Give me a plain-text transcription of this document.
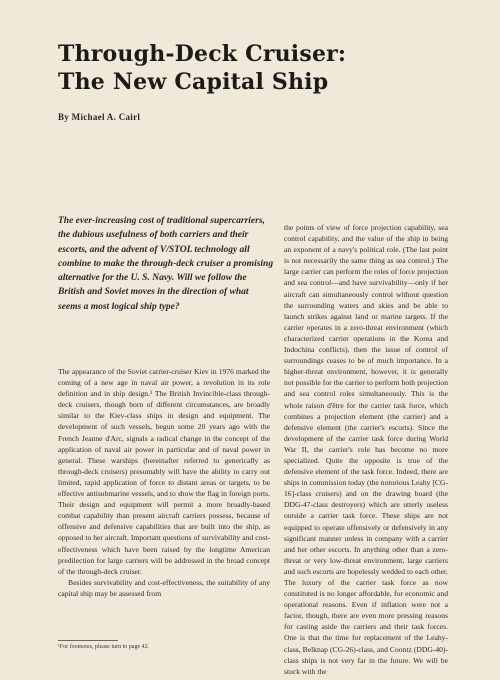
Through-Deck Cruiser:
The New Capital Ship

By Michael A. Cairl

The ever-increasing cost of traditional supercarriers, the dubious usefulness of both carriers and their escorts, and the advent of V/STOL technology all combine to make the through-deck cruiser a promising alternative for the U. S. Navy. Will we follow the British and Soviet moves in the direction of what seems a most logical ship type?

The appearance of the Soviet carrier-cruiser Kiev in 1976 marked the coming of a new age in naval air power, a revolution in its role definition and in ship design.¹ The British Invincible-class through-deck cruisers, though born of different circumstances, are broadly similar to the Kiev-class ships in design and equipment. The development of such vessels, begun some 20 years ago with the French Jeanne d'Arc, signals a radical change in the concept of the application of naval air power in particular and of naval power in general. These warships (hereinafter referred to generically as through-deck cruisers) presumably will have the ability to carry out limited, rapid application of force to distant areas or targets, to be effective antisubmarine vessels, and to show the flag in foreign ports. Their design and equipment will permit a more broadly-based combat capability than present aircraft carriers possess, because of offensive and defensive capabilities that are built into the ship, as opposed to her aircraft. Important questions of survivability and cost-effectiveness which have been raised by the longtime American predilection for large carriers will be addressed in the broad concept of the through-deck cruiser.

Besides survivability and cost-effectiveness, the suitability of any capital ship may be assessed from

the points of view of force projection capability, sea control capability, and the value of the ship in being an exponent of a navy's political role. (The last point is not necessarily the same thing as sea control.) The large carrier can perform the roles of force projection and sea control—and have survivability—only if her aircraft can simultaneously control without question the surrounding waters and skies and be able to launch strikes against land or marine targets. If the carrier operates in a zero-threat environment (which characterized carrier operations in the Korea and Indochina conflicts), then the issue of control of surroundings ceases to be of much importance. In a higher-threat environment, however, it is generally not possible for the carrier to perform both projection and sea control roles simultaneously. This is the whole raison d'être for the carrier task force, which combines a projection element (the carrier) and a defensive element (the carrier's escorts). Since the development of the carrier task force during World War II, the carrier's role has become no more specialized. Quite the opposite is true of the defensive element of the task force. Indeed, there are ships in commission today (the notorious Leahy [CG-16]-class cruisers) and on the drawing board (the DDG-47-class destroyers) which are utterly useless outside a carrier task force. These ships are not equipped to operate offensively or defensively in any significant manner unless in company with a carrier and her other escorts. In anything other than a zero-threat or very low-threat environment, large carriers and such escorts are hopelessly wedded to each other. The luxury of the carrier task force as now constituted is no longer affordable, for economic and operational reasons. Even if inflation were not a factor, though, there are even more pressing reasons for casting aside the carriers and their task forces. One is that the time for replacement of the Leahy-class, Belknap (CG-26)-class, and Coontz (DDG-40)-class ships is not very far in the future. We will be stuck with the

¹For footnotes, please turn to page 42.
